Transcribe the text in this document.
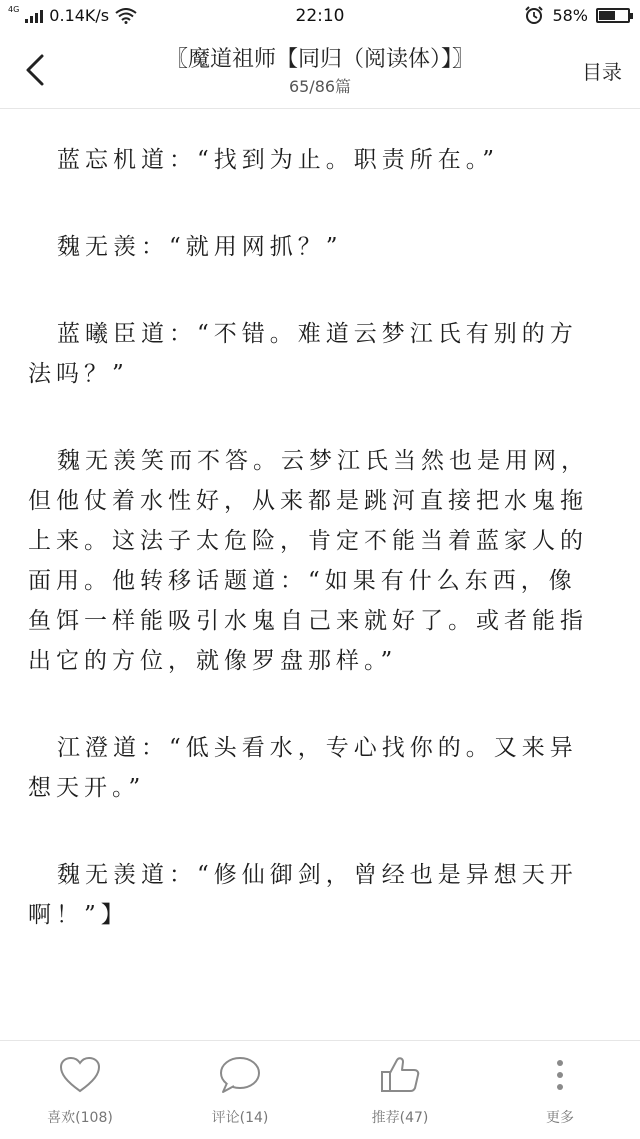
4G 0.14K/s	22:10	58%
〖魔道祖师【同归（阅读体）】〗
65/86篇
目录

蓝忘机道：“找到为止。职责所在。”

魏无羡：“就用网抓？”

蓝曦臣道：“不错。难道云梦江氏有别的方法吗？”

魏无羡笑而不答。云梦江氏当然也是用网，但他仗着水性好，从来都是跳河直接把水鬼拖上来。这法子太危险，肯定不能当着蓝家人的面用。他转移话题道：“如果有什么东西，像鱼饵一样能吸引水鬼自己来就好了。或者能指出它的方位，就像罗盘那样。”

江澄道：“低头看水，专心找你的。又来异想天开。”

魏无羡道：“修仙御剑，曾经也是异想天开啊！”】

喜欢(108)	评论(14)	推荐(47)	更多
